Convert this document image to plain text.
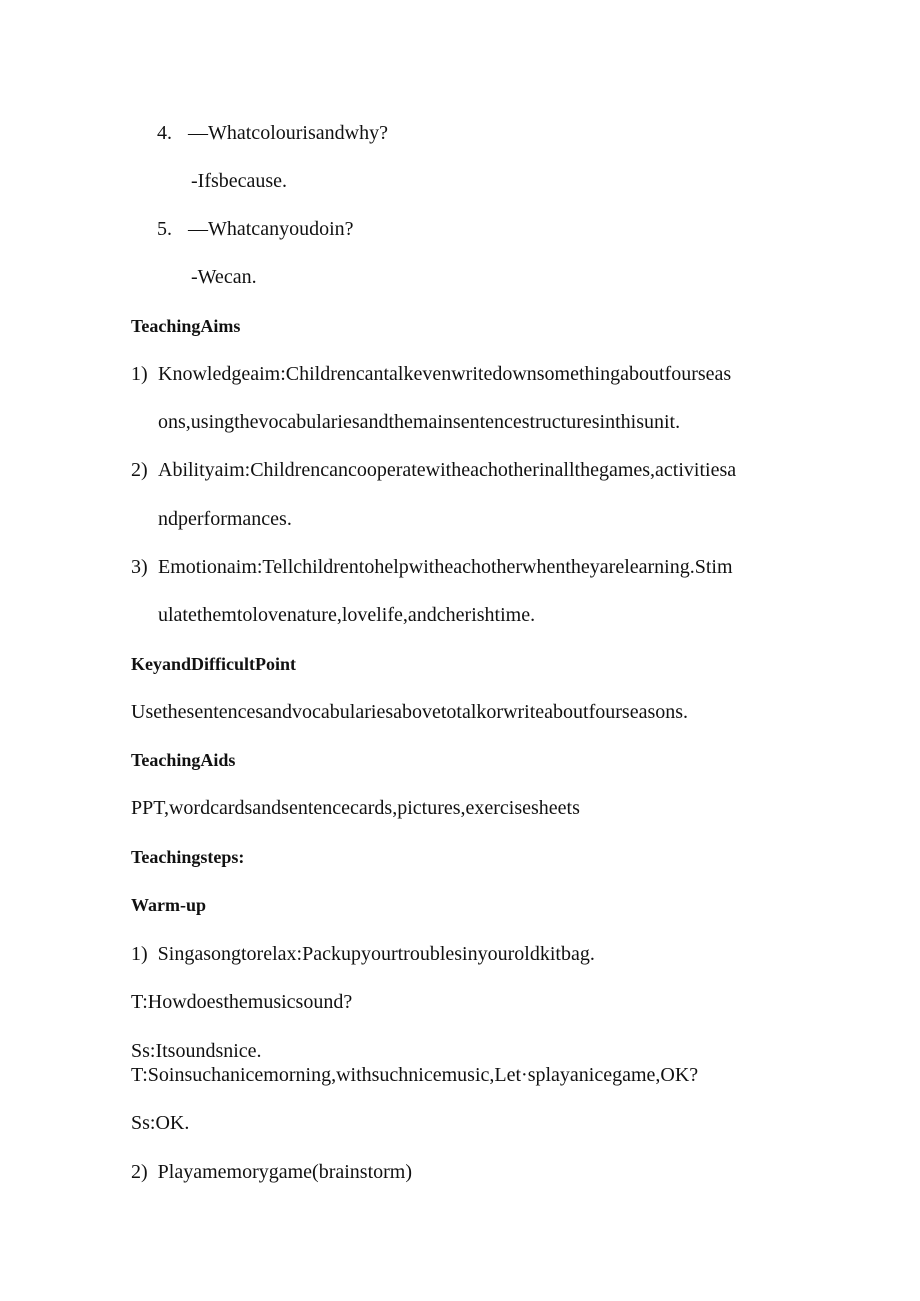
4. —Whatcolourisandwhy?
-Ifsbecause.
5. —Whatcanyoudoin?
-Wecan.
TeachingAims
1) Knowledgeaim:Childrencantalkevenwritedownsomethingaboutfourseas
ons,usingthevocabulariesandthemainsentencestructuresinthisunit.
2) Abilityaim:Childrencancooperatewitheachotherinallthegames,activitiesa
ndperformances.
3) Emotionaim:Tellchildrentohelpwitheachotherwhentheyarelearning.Stim
ulatethemtolovenature,lovelife,andcherishtime.
KeyandDifficultPoint
Usethesentencesandvocabulariesabovetotalkorwriteaboutfourseasons.
TeachingAids
PPT,wordcardsandsentencecards,pictures,exercisesheets
Teachingsteps:
Warm-up
1)  Singasongtorelax:Packupyourtroublesinyouroldkitbag.
T:Howdoesthemusicsound?
Ss:Itsoundsnice.
T:Soinsuchanicemorning,withsuchnicemusic,Let·splayanicegame,OK?
Ss:OK.
2)  Playamemorygame(brainstorm)
